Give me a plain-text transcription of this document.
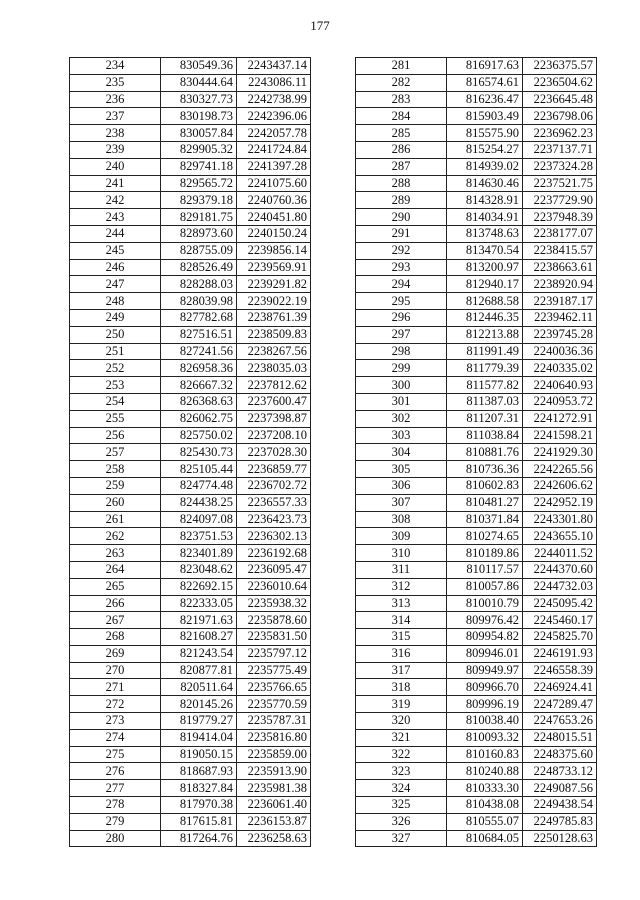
177
234	830549.36	2243437.14
235	830444.64	2243086.11
236	830327.73	2242738.99
237	830198.73	2242396.06
238	830057.84	2242057.78
239	829905.32	2241724.84
240	829741.18	2241397.28
241	829565.72	2241075.60
242	829379.18	2240760.36
243	829181.75	2240451.80
244	828973.60	2240150.24
245	828755.09	2239856.14
246	828526.49	2239569.91
247	828288.03	2239291.82
248	828039.98	2239022.19
249	827782.68	2238761.39
250	827516.51	2238509.83
251	827241.56	2238267.56
252	826958.36	2238035.03
253	826667.32	2237812.62
254	826368.63	2237600.47
255	826062.75	2237398.87
256	825750.02	2237208.10
257	825430.73	2237028.30
258	825105.44	2236859.77
259	824774.48	2236702.72
260	824438.25	2236557.33
261	824097.08	2236423.73
262	823751.53	2236302.13
263	823401.89	2236192.68
264	823048.62	2236095.47
265	822692.15	2236010.64
266	822333.05	2235938.32
267	821971.63	2235878.60
268	821608.27	2235831.50
269	821243.54	2235797.12
270	820877.81	2235775.49
271	820511.64	2235766.65
272	820145.26	2235770.59
273	819779.27	2235787.31
274	819414.04	2235816.80
275	819050.15	2235859.00
276	818687.93	2235913.90
277	818327.84	2235981.38
278	817970.38	2236061.40
279	817615.81	2236153.87
280	817264.76	2236258.63
281	816917.63	2236375.57
282	816574.61	2236504.62
283	816236.47	2236645.48
284	815903.49	2236798.06
285	815575.90	2236962.23
286	815254.27	2237137.71
287	814939.02	2237324.28
288	814630.46	2237521.75
289	814328.91	2237729.90
290	814034.91	2237948.39
291	813748.63	2238177.07
292	813470.54	2238415.57
293	813200.97	2238663.61
294	812940.17	2238920.94
295	812688.58	2239187.17
296	812446.35	2239462.11
297	812213.88	2239745.28
298	811991.49	2240036.36
299	811779.39	2240335.02
300	811577.82	2240640.93
301	811387.03	2240953.72
302	811207.31	2241272.91
303	811038.84	2241598.21
304	810881.76	2241929.30
305	810736.36	2242265.56
306	810602.83	2242606.62
307	810481.27	2242952.19
308	810371.84	2243301.80
309	810274.65	2243655.10
310	810189.86	2244011.52
311	810117.57	2244370.60
312	810057.86	2244732.03
313	810010.79	2245095.42
314	809976.42	2245460.17
315	809954.82	2245825.70
316	809946.01	2246191.93
317	809949.97	2246558.39
318	809966.70	2246924.41
319	809996.19	2247289.47
320	810038.40	2247653.26
321	810093.32	2248015.51
322	810160.83	2248375.60
323	810240.88	2248733.12
324	810333.30	2249087.56
325	810438.08	2249438.54
326	810555.07	2249785.83
327	810684.05	2250128.63
